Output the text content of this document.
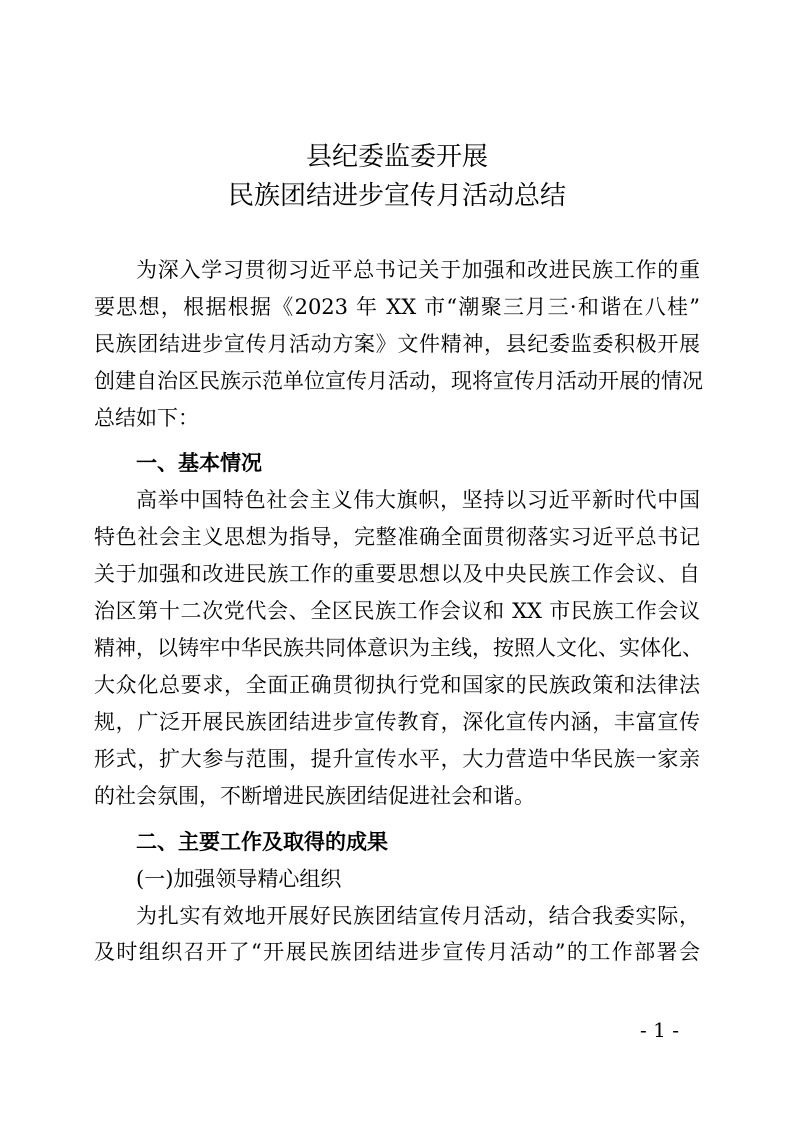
县纪委监委开展
民族团结进步宣传月活动总结
为深入学习贯彻习近平总书记关于加强和改进民族工作的重
要思想，根据根据《2023 年 XX 市“潮聚三月三·和谐在八桂”
民族团结进步宣传月活动方案》文件精神，县纪委监委积极开展
创建自治区民族示范单位宣传月活动，现将宣传月活动开展的情况
总结如下：
一、基本情况
高举中国特色社会主义伟大旗帜，坚持以习近平新时代中国
特色社会主义思想为指导，完整准确全面贯彻落实习近平总书记
关于加强和改进民族工作的重要思想以及中央民族工作会议、自
治区第十二次党代会、全区民族工作会议和 XX 市民族工作会议
精神，以铸牢中华民族共同体意识为主线，按照人文化、实体化、
大众化总要求，全面正确贯彻执行党和国家的民族政策和法律法
规，广泛开展民族团结进步宣传教育，深化宣传内涵，丰富宣传
形式，扩大参与范围，提升宣传水平，大力营造中华民族一家亲
的社会氛围，不断增进民族团结促进社会和谐。
二、主要工作及取得的成果
(一)加强领导精心组织
为扎实有效地开展好民族团结宣传月活动，结合我委实际，
及时组织召开了“开展民族团结进步宣传月活动”的工作部署会
- 1 -
